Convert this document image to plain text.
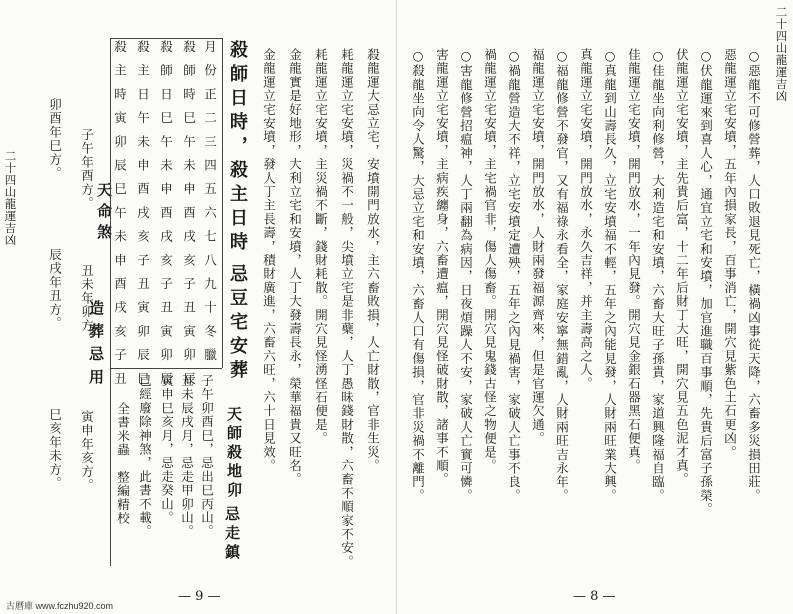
二十四山龍運吉凶	子午年酉方。
卯酉年巳方。
丑未年卯方。
辰戌年丑方。
寅申年亥方。
巳亥年未方。
天命煞
造葬忌用 殺主時寅卯辰巳午未申酉戌亥子丑 殺主日午未申酉戌亥子丑寅卯辰巳 殺師日巳午未申酉戌亥子丑寅卯辰 殺師時巳午未申酉戌亥子丑寅卯辰 月份正二三四五六七八九十冬臘
子午卯酉巳，忌出巳丙山。
丑未辰戌月，忌走甲卯山。
寅申巳亥月，忌走癸山。
已經廢除神煞，此書不載。
全書米蟲　整編精校
殺師日時，殺主日時
忌豆宅安葬
天師殺地卯
忌走鎮
金龍運立宅安墳，發人丁主長壽，積財廣進，六畜六旺，六十日見效。 金龍實是好地形，大利立宅和安墳，人丁大發壽長永，榮華福貴又旺名。 耗龍運立宅安墳，主災禍不斷，錢財耗散。開穴見怪湧怪石便是。 耗龍運立宅安墳，災禍不一般，尖墳立宅是非蘗，人丁愚昧錢財散，六畜不順家不安。 殺龍運大忌立宅，安墳開門放水，主六畜敗損，人亡財散，官非生災。
— 9 —
○殺龍坐向令人驚，大忌立宅和安墳，六畜人口有傷損，官非災禍不離門。 害龍運立宅安墳，主病疾纏身，六畜遭瘟，開穴見怪破財散，諸事不順。 ○害龍修營招瘟神，人丁兩翻為病因，日夜煩躁人不安，家破人亡實可憐。 禍龍運立宅安墳，主宅禍官非，傷人傷畜。開穴見鬼錢古怪之物便是。 ○禍龍營造大不祥，立宅安墳定遭殃，五年之內見禍害，家破人亡事不良。 福龍運立宅安墳，開門放水，人財兩發福源齊來，但是官運欠通。 ○福龍修營不發官，又有福祿永看全，家庭安寧無錯亂，人財兩旺吉永年。 真龍運立宅安墳，開門放水，永久吉祥，并主壽高之人。 ○真龍到山壽長久，立宅安墳福不輕，五年之內能見發，人財兩旺業大興。 佳龍運立宅安墳，開門放水，一年內見發。開穴見金銀石器黑石便真。 ○佳龍坐向利修營，大利造宅和安墳，六畜大旺子孫貴，家道興隆福自臨。 伏龍運立宅安墳，主先貴后富，十二年后財丁大旺，開穴見五色泥才真。 ○伏龍運來到喜人心，通宜立宅和安墳，加官進職百事順，先貴后富子孫榮。 惡龍運立宅安墳，五年內損家長，百事消亡，開穴見紫色土石更凶。 ○惡龍不可修營葬，人口敗退見死亡，橫禍凶事從天降，六畜多災損田莊。 二十四山龍運吉凶
— 8 —
古曆庫 www.fczhu920.com
